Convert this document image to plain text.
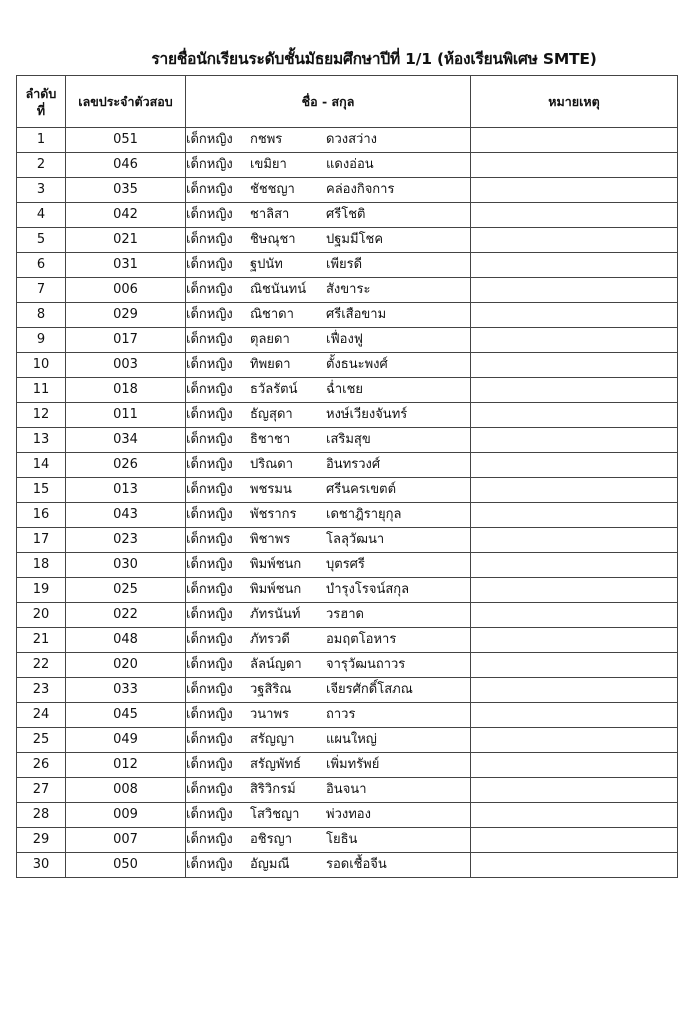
รายชื่อนักเรียนระดับชั้นมัธยมศึกษาปีที่ 1/1 (ห้องเรียนพิเศษ SMTE)
ลำดับ
ที่	เลขประจำตัวสอบ	ชื่อ - สกุล	หมายเหตุ
1	051	เด็กหญิง กชพร ดวงสว่าง	
2	046	เด็กหญิง เขมิยา แดงอ่อน	
3	035	เด็กหญิง ชัชชญา คล่องกิจการ	
4	042	เด็กหญิง ชาลิสา ศรีโชติ	
5	021	เด็กหญิง ชิษณุชา ปฐมมีโชค	
6	031	เด็กหญิง ฐปนัท เพียรดี	
7	006	เด็กหญิง ณิชนันทน์ สังขาระ	
8	029	เด็กหญิง ณิชาดา ศรีเสือขาม	
9	017	เด็กหญิง ตุลยดา เฟื่องฟู	
10	003	เด็กหญิง ทิพยดา ตั้งธนะพงศ์	
11	018	เด็กหญิง ธวัลรัตน์ ฉ่ำเชย	
12	011	เด็กหญิง ธัญสุดา หงษ์เวียงจันทร์	
13	034	เด็กหญิง ธิชาชา เสริมสุข	
14	026	เด็กหญิง ปริณดา อินทรวงศ์	
15	013	เด็กหญิง พชรมน ศรีนครเขตต์	
16	043	เด็กหญิง พัชรากร เดชาฎิรายุกุล	
17	023	เด็กหญิง พิชาพร โลลุวัฒนา	
18	030	เด็กหญิง พิมพ์ชนก บุตรศรี	
19	025	เด็กหญิง พิมพ์ชนก บำรุงโรจน์สกุล	
20	022	เด็กหญิง ภัทรนันท์ วรฮาด	
21	048	เด็กหญิง ภัทรวดี อมฤตโอหาร	
22	020	เด็กหญิง ลัลน์ญดา จารุวัฒนถาวร	
23	033	เด็กหญิง วฐสิริณ เจียรศักดิ์โสภณ	
24	045	เด็กหญิง วนาพร ถาวร	
25	049	เด็กหญิง สรัญญา แผนใหญ่	
26	012	เด็กหญิง สรัญพัทธ์ เพิ่มทรัพย์	
27	008	เด็กหญิง สิริวิกรม์ อินจนา	
28	009	เด็กหญิง โสวิชญา พ่วงทอง	
29	007	เด็กหญิง อชิรญา โยธิน	
30	050	เด็กหญิง อัญมณี รอดเชื้อจีน	
